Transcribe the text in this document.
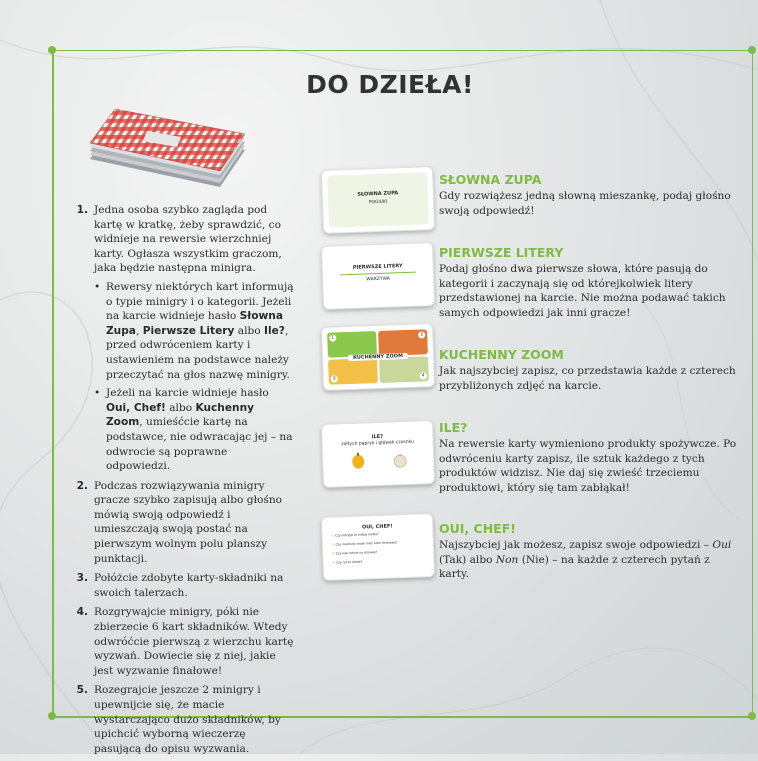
DO DZIEŁA!
1. Jedna osoba szybko zagląda pod kartę w kratkę, żeby sprawdzić, co widnieje na rewersie wierzchniej karty. Ogłasza wszystkim graczom, jaka będzie następna minigra.
• Rewersy niektórych kart informują o typie minigry i o kategorii. Jeżeli na karcie widnieje hasło Słowna Zupa, Pierwsze Litery albo Ile?, przed odwróceniem karty i ustawieniem na podstawce należy przeczytać na głos nazwę minigry.
• Jeżeli na karcie widnieje hasło Oui, Chef! albo Kuchenny Zoom, umieśćcie kartę na podstawce, nie odwracając jej – na odwrocie są poprawne odpowiedzi.
2. Podczas rozwiązywania minigry gracze szybko zapisują albo głośno mówią swoją odpowiedź i umieszczają swoją postać na pierwszym wolnym polu planszy punktacji.
3. Połóżcie zdobyte karty-składniki na swoich talerzach.
4. Rozgrywajcie minigry, póki nie zbierzecie 6 kart składników. Wtedy odwróćcie pierwszą z wierzchu kartę wyzwań. Dowiecie się z niej, jakie jest wyzwanie finałowe!
5. Rozegrajcie jeszcze 2 minigry i upewnijcie się, że macie wystarczająco dużo składników, by upichcić wyborną wieczerzę pasującą do opisu wyzwania.
SŁOWNA ZUPA
POGIUKI
PIERWSZE LITERY
WARZYWA
1
2
3
4
KUCHENNY ZOOM
ILE?
żółtych papryk i główek czosnku
OUI, CHEF!
① Czy ostryga to rodzaj małża?
② Czy marchew może mieć kolor fioletowy?
③ Czy kiwi rośnie na drzewie?
④ Czy ryż to zboże?
SŁOWNA ZUPA

Gdy rozwiążesz jedną słowną mieszankę, podaj głośno swoją odpowiedź!

PIERWSZE LITERY

Podaj głośno dwa pierwsze słowa, które pasują do kategorii i zaczynają się od którejkolwiek litery przedstawionej na karcie. Nie można podawać takich samych odpowiedzi jak inni gracze!

KUCHENNY ZOOM

Jak najszybciej zapisz, co przedstawia każde z czterech przybliżonych zdjęć na karcie.

ILE?

Na rewersie karty wymieniono produkty spożywcze. Po odwróceniu karty zapisz, ile sztuk każdego z tych produktów widzisz. Nie daj się zwieść trzeciemu produktowi, który się tam zabłąkał!

OUI, CHEF!

Najszybciej jak możesz, zapisz swoje odpowiedzi – Oui (Tak) albo Non (Nie) – na każde z czterech pytań z karty.
